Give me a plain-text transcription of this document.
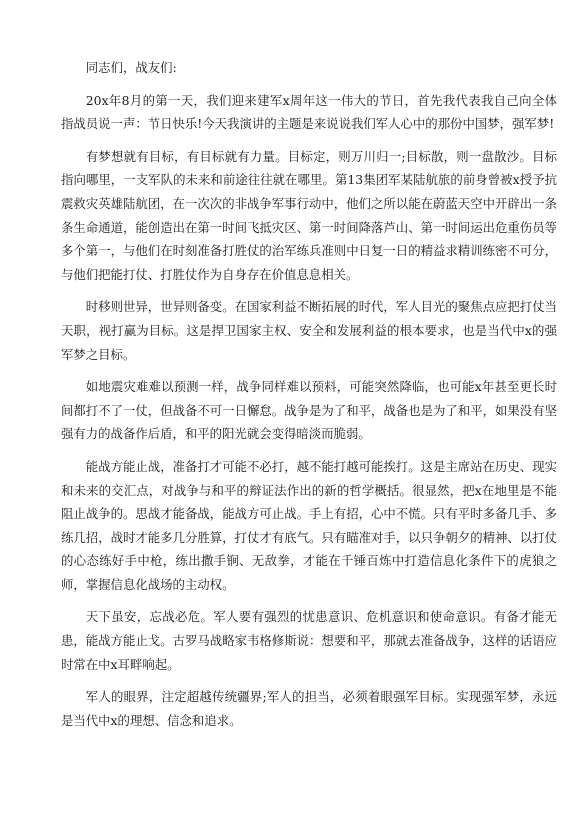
同志们，战友们:

20x年8月的第一天，我们迎来建军x周年这一伟大的节日，首先我代表我自己向全体指战员说一声：节日快乐!今天我演讲的主题是来说说我们军人心中的那份中国梦，强军梦!

有梦想就有目标，有目标就有力量。目标定，则万川归一;目标散，则一盘散沙。目标指向哪里，一支军队的未来和前途往往就在哪里。第13集团军某陆航旅的前身曾被x授予抗震救灾英雄陆航团，在一次次的非战争军事行动中，他们之所以能在蔚蓝天空中开辟出一条条生命通道，能创造出在第一时间飞抵灾区、第一时间降落芦山、第一时间运出危重伤员等多个第一，与他们在时刻准备打胜仗的治军练兵准则中日复一日的精益求精训练密不可分，与他们把能打仗、打胜仗作为自身存在价值息息相关。

时移则世异，世异则备变。在国家利益不断拓展的时代，军人目光的聚焦点应把打仗当天职，视打赢为目标。这是捍卫国家主权、安全和发展利益的根本要求，也是当代中x的强军梦之目标。

如地震灾难难以预测一样，战争同样难以预料，可能突然降临，也可能x年甚至更长时间都打不了一仗，但战备不可一日懈怠。战争是为了和平，战备也是为了和平，如果没有坚强有力的战备作后盾，和平的阳光就会变得暗淡而脆弱。

能战方能止战，准备打才可能不必打，越不能打越可能挨打。这是主席站在历史、现实和未来的交汇点，对战争与和平的辩证法作出的新的哲学概括。很显然，把x在地里是不能阻止战争的。思战才能备战，能战方可止战。手上有招，心中不慌。只有平时多备几手、多练几招，战时才能多几分胜算，打仗才有底气。只有瞄准对手，以只争朝夕的精神、以打仗的心态练好手中枪，练出撒手锏、无敌拳，才能在千锤百炼中打造信息化条件下的虎狼之师，掌握信息化战场的主动权。

天下虽安，忘战必危。军人要有强烈的忧患意识、危机意识和使命意识。有备才能无患，能战方能止戈。古罗马战略家韦格修斯说：想要和平，那就去准备战争，这样的话语应时常在中x耳畔响起。

军人的眼界，注定超越传统疆界;军人的担当，必须着眼强军目标。实现强军梦，永远是当代中x的理想、信念和追求。
